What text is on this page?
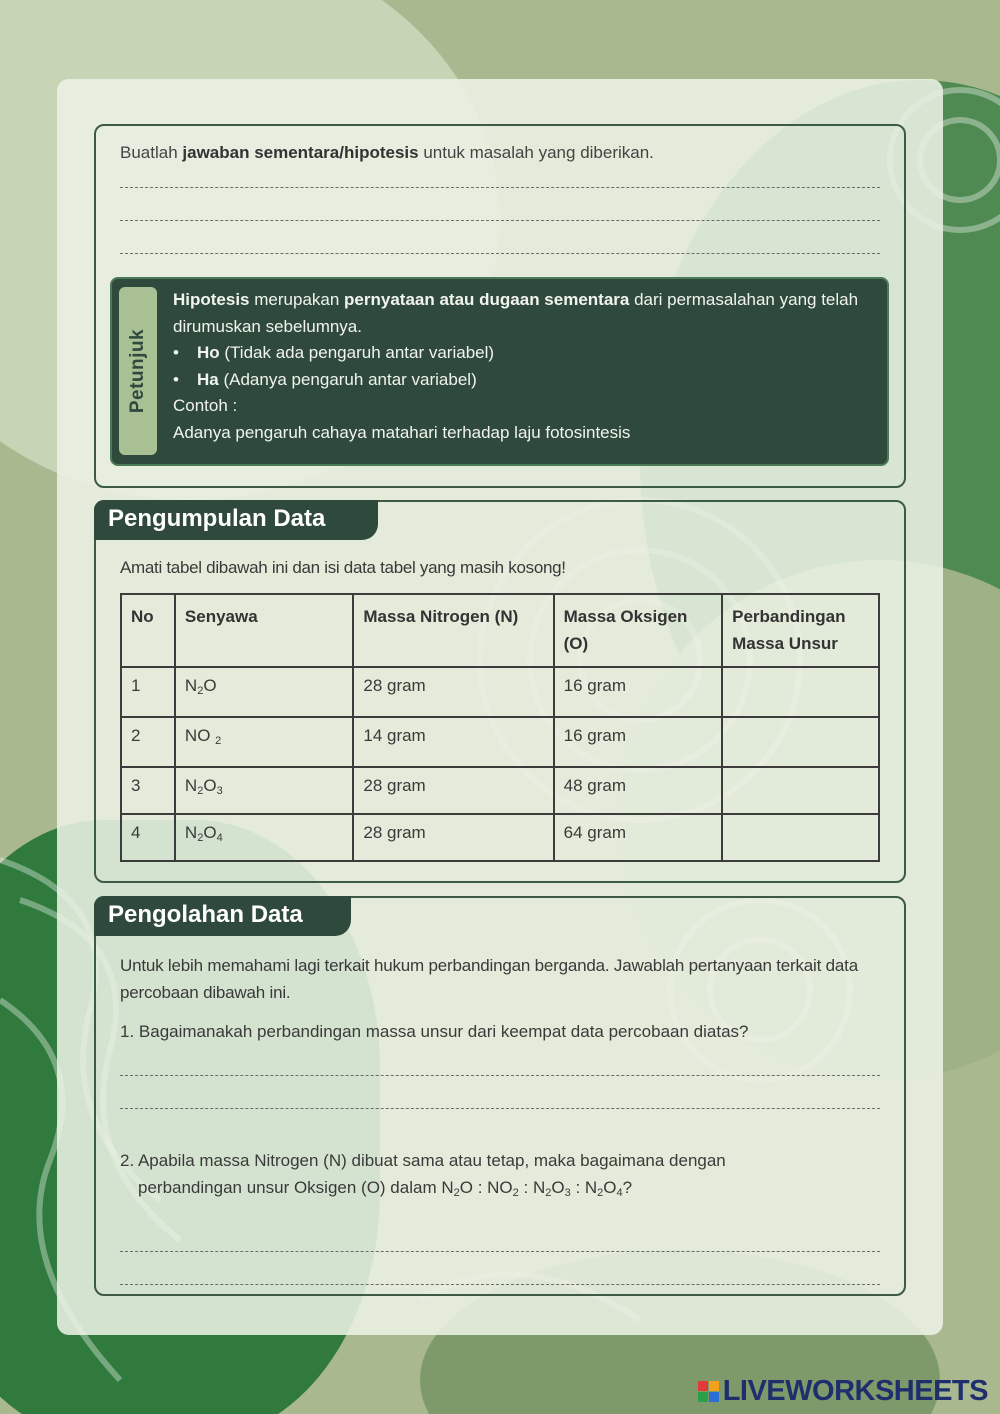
Buatlah jawaban sementara/hipotesis untuk masalah yang diberikan.
Petunjuk
Hipotesis merupakan pernyataan atau dugaan sementara dari permasalahan yang telah dirumuskan sebelumnya.
•	Ho (Tidak ada pengaruh antar variabel)
•	Ha (Adanya pengaruh antar variabel)
Contoh :
Adanya pengaruh cahaya matahari terhadap laju fotosintesis
Pengumpulan Data
Amati tabel dibawah ini dan isi data tabel yang masih kosong!
No	Senyawa	Massa Nitrogen (N)	Massa Oksigen (O)	Perbandingan Massa Unsur
1	$N_2O$	28 gram	16 gram	
2	NO $_2$	14 gram	16 gram	
3	$N_2O_3$	28 gram	48 gram	
4	$N_2O_4$	28 gram	64 gram	
Pengolahan Data
Untuk lebih memahami lagi terkait hukum perbandingan berganda. Jawablah pertanyaan terkait data percobaan dibawah ini.
1. Bagaimanakah perbandingan massa unsur dari keempat data percobaan diatas?
2. Apabila massa Nitrogen (N) dibuat sama atau tetap, maka bagaimana dengan
perbandingan unsur Oksigen (O) dalam $N_2O$ : $NO_2$ : $N_2O_3$ : $N_2O_4$?
LIVEWORKSHEETS
